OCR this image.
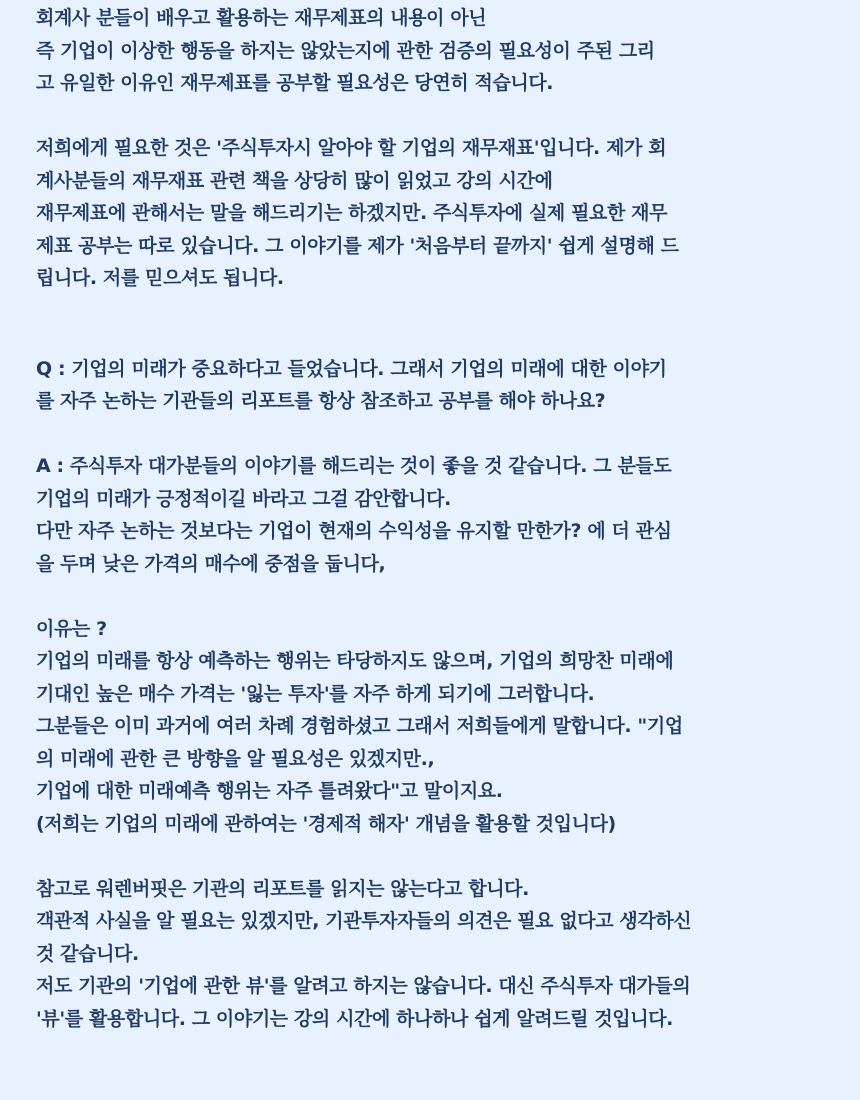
회계사 분들이 배우고 활용하는 재무제표의 내용이 아닌
즉 기업이 이상한 행동을 하지는 않았는지에 관한 검증의 필요성이 주된 그리
고 유일한 이유인 재무제표를 공부할 필요성은 당연히 적습니다.
저희에게 필요한 것은 '주식투자시 알아야 할 기업의 재무재표'입니다. 제가 회
계사분들의 재무재표 관련 책을 상당히 많이 읽었고 강의 시간에
재무제표에 관해서는 말을 해드리기는 하겠지만. 주식투자에 실제 필요한 재무
제표 공부는 따로 있습니다. 그 이야기를 제가 '처음부터 끝까지' 쉽게 설명해 드
립니다. 저를 믿으셔도 됩니다.
Q : 기업의 미래가 중요하다고 들었습니다. 그래서 기업의 미래에 대한 이야기
를 자주 논하는 기관들의 리포트를 항상 참조하고 공부를 해야 하나요?
A : 주식투자 대가분들의 이야기를 해드리는 것이 좋을 것 같습니다. 그 분들도
기업의 미래가 긍정적이길 바라고 그걸 감안합니다.
다만 자주 논하는 것보다는 기업이 현재의 수익성을 유지할 만한가? 에 더 관심
을 두며 낮은 가격의 매수에 중점을 둡니다,
이유는 ?
기업의 미래를 항상 예측하는 행위는 타당하지도 않으며, 기업의 희망찬 미래에
기대인 높은 매수 가격는 '잃는 투자'를 자주 하게 되기에 그러합니다.
그분들은 이미 과거에 여러 차례 경험하셨고 그래서 저희들에게 말합니다. "기업
의 미래에 관한 큰 방향을 알 필요성은 있겠지만.,
기업에 대한 미래예측 행위는 자주 틀려왔다"고 말이지요.
(저희는 기업의 미래에 관하여는 '경제적 해자' 개념을 활용할 것입니다)
참고로 워렌버핏은 기관의 리포트를 읽지는 않는다고 합니다.
객관적 사실을 알 필요는 있겠지만, 기관투자자들의 의견은 필요 없다고 생각하신
것 같습니다.
저도 기관의 '기업에 관한 뷰'를 알려고 하지는 않습니다. 대신 주식투자 대가들의
'뷰'를 활용합니다. 그 이야기는 강의 시간에 하나하나 쉽게 알려드릴 것입니다.
